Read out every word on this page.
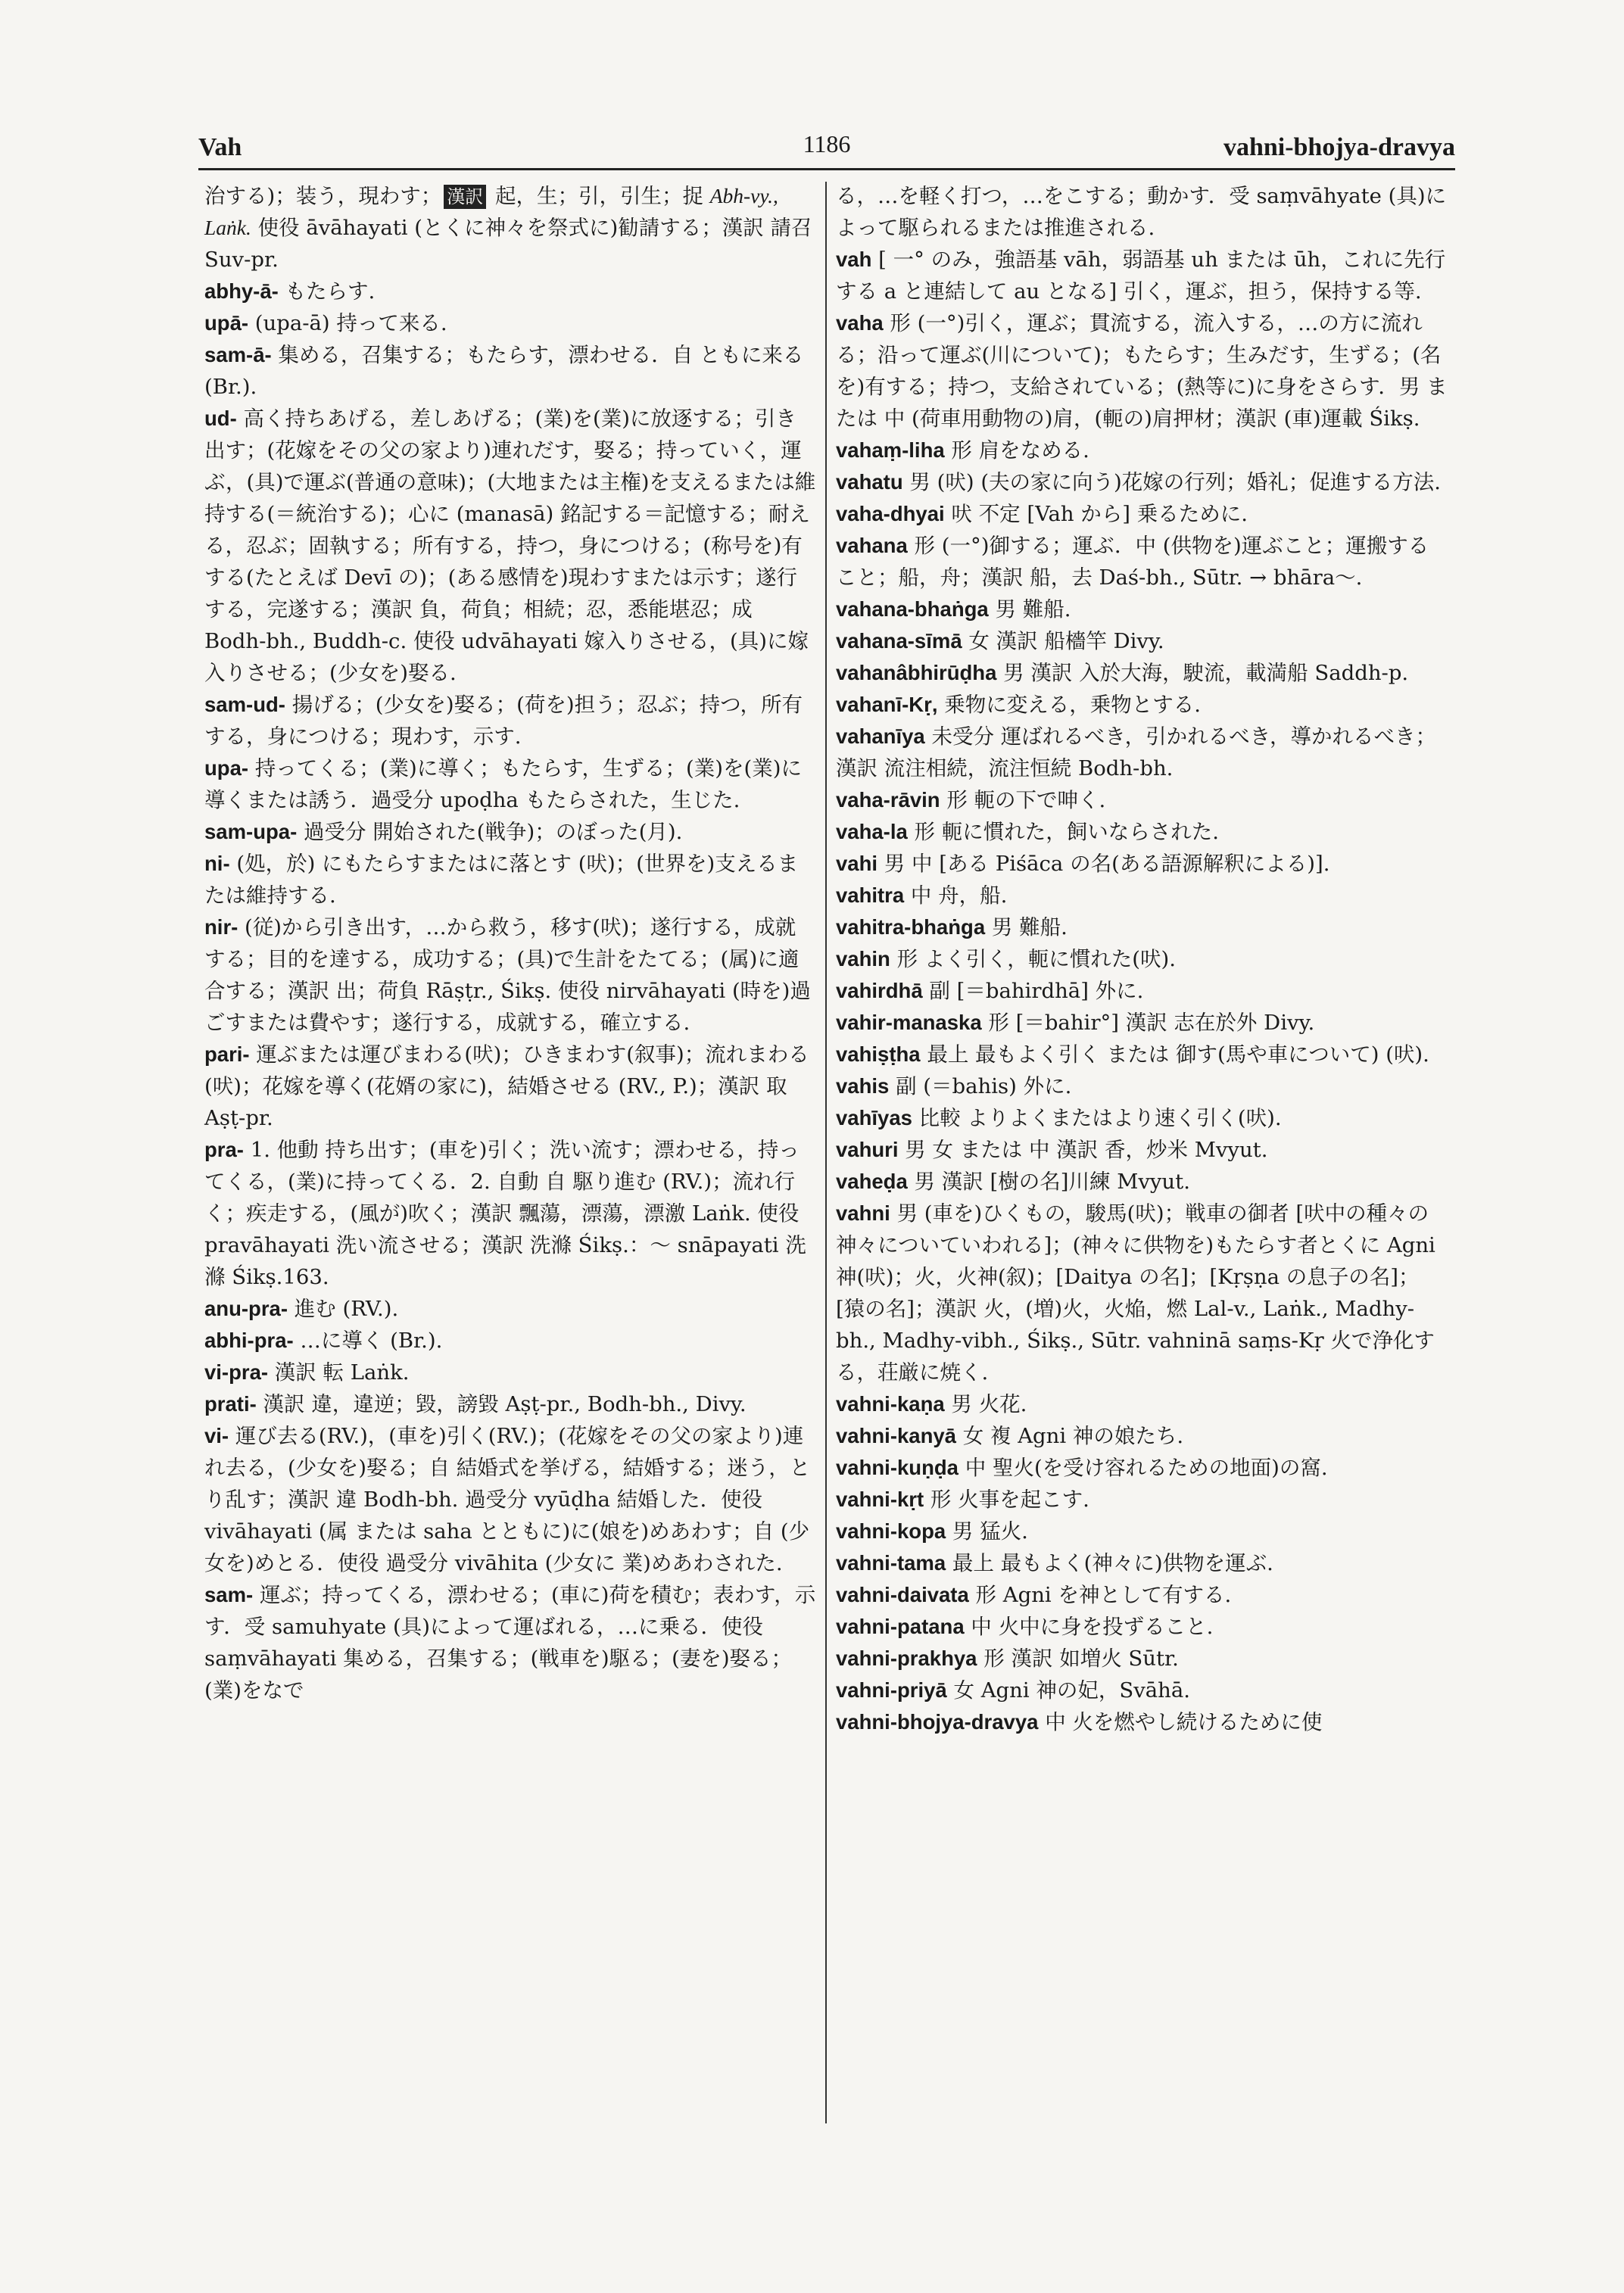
Vah	1186	vahni-bhojya-dravya

治する)；装う，現わす； 漢訳 起，生；引，引生；捉 Abh-vy., Laṅk. 使役 āvāhayati (とくに神々を祭式に)勧請する；漢訳 請召 Suv-pr.

abhy-ā- もたらす.

upā- (upa-ā) 持って来る.

sam-ā- 集める，召集する；もたらす，漂わせる．自 ともに来る (Br.).

ud- 高く持ちあげる，差しあげる；(業)を(業)に放逐する；引き出す；(花嫁をその父の家より)連れだす，娶る；持っていく，運ぶ，(具)で運ぶ(普通の意味)；(大地または主権)を支えるまたは維持する(＝統治する)；心に (manasā) 銘記する＝記憶する；耐える，忍ぶ；固執する；所有する，持つ，身につける；(称号を)有する(たとえば Devī の)；(ある感情を)現わすまたは示す；遂行する，完遂する；漢訳 負，荷負；相続；忍，悉能堪忍；成 Bodh-bh., Buddh-c. 使役 udvāhayati 嫁入りさせる，(具)に嫁入りさせる；(少女を)娶る.

sam-ud- 揚げる；(少女を)娶る；(荷を)担う；忍ぶ；持つ，所有する，身につける；現わす，示す.

upa- 持ってくる；(業)に導く；もたらす，生ずる；(業)を(業)に導くまたは誘う．過受分 upoḍha もたらされた，生じた.

sam-upa- 過受分 開始された(戦争)；のぼった(月).

ni- (処，於) にもたらすまたはに落とす (吠)；(世界を)支えるまたは維持する.

nir- (従)から引き出す，…から救う，移す(吠)；遂行する，成就する；目的を達する，成功する；(具)で生計をたてる；(属)に適合する；漢訳 出；荷負 Rāṣṭr., Śikṣ. 使役 nirvāhayati (時を)過ごすまたは費やす；遂行する，成就する，確立する.

pari- 運ぶまたは運びまわる(吠)；ひきまわす(叙事)；流れまわる(吠)；花嫁を導く(花婿の家に)，結婚させる (RV., P.)；漢訳 取 Aṣṭ-pr.

pra- 1. 他動 持ち出す；(車を)引く；洗い流す；漂わせる，持ってくる，(業)に持ってくる．2. 自動 自 駆り進む (RV.)；流れ行く；疾走する，(風が)吹く；漢訳 飄蕩，漂蕩，漂激 Laṅk. 使役 pravāhayati 洗い流させる；漢訳 洗滌 Śikṣ.：～ snāpayati 洗滌 Śikṣ.163.

anu-pra- 進む (RV.).

abhi-pra- …に導く (Br.).

vi-pra- 漢訳 転 Laṅk.

prati- 漢訳 違，違逆；毀，謗毀 Aṣṭ-pr., Bodh-bh., Divy.

vi- 運び去る(RV.)，(車を)引く(RV.)；(花嫁をその父の家より)連れ去る，(少女を)娶る；自 結婚式を挙げる，結婚する；迷う，とり乱す；漢訳 違 Bodh-bh. 過受分 vyūḍha 結婚した．使役 vivāhayati (属 または saha とともに)に(娘を)めあわす；自 (少女を)めとる．使役 過受分 vivāhita (少女に 業)めあわされた.

sam- 運ぶ；持ってくる，漂わせる；(車に)荷を積む；表わす，示す．受 samuhyate (具)によって運ばれる，…に乗る．使役 saṃvāhayati 集める，召集する；(戦車を)駆る；(妻を)娶る；(業)をなで

る，…を軽く打つ，…をこする；動かす．受 saṃvāhyate (具)によって駆られるまたは推進される.

vah [ 一° のみ，強語基 vāh，弱語基 uh または ūh，これに先行する a と連結して au となる] 引く，運ぶ，担う，保持する等.

vaha 形 (一°)引く，運ぶ；貫流する，流入する，…の方に流れる；沿って運ぶ(川について)；もたらす；生みだす，生ずる；(名を)有する；持つ，支給されている；(熱等に)に身をさらす．男 または 中 (荷車用動物の)肩，(軛の)肩押材；漢訳 (車)運載 Śikṣ.

vahaṃ-liha 形 肩をなめる.

vahatu 男 (吠) (夫の家に向う)花嫁の行列；婚礼；促進する方法.

vaha-dhyai 吠 不定 [Vah から] 乗るために.

vahana 形 (一°)御する；運ぶ．中 (供物を)運ぶこと；運搬すること；船，舟；漢訳 船，去 Daś-bh., Sūtr. → bhāra～.

vahana-bhaṅga 男 難船.

vahana-sīmā 女 漢訳 船檣竿 Divy.

vahanâbhirūḍha 男 漢訳 入於大海，駛流，載満船 Saddh-p.

vahanī-Kṛ, 乗物に変える，乗物とする.

vahanīya 未受分 運ばれるべき，引かれるべき，導かれるべき；漢訳 流注相続，流注恒続 Bodh-bh.

vaha-rāvin 形 軛の下で呻く.

vaha-la 形 軛に慣れた，飼いならされた.

vahi 男 中 [ある Piśāca の名(ある語源解釈による)].

vahitra 中 舟，船.

vahitra-bhaṅga 男 難船.

vahin 形 よく引く，軛に慣れた(吠).

vahirdhā 副 [＝bahirdhā] 外に.

vahir-manaska 形 [＝bahir°] 漢訳 志在於外 Divy.

vahiṣṭha 最上 最もよく引く または 御す(馬や車について) (吠).

vahis 副 (＝bahis) 外に.

vahīyas 比較 よりよくまたはより速く引く(吠).

vahuri 男 女 または 中 漢訳 香，炒米 Mvyut.

vaheḍa 男 漢訳 [樹の名]川練 Mvyut.

vahni 男 (車を)ひくもの，駿馬(吠)；戦車の御者 [吠中の種々の神々についていわれる]；(神々に供物を)もたらす者とくに Agni 神(吠)；火，火神(叙)；[Daitya の名]；[Kṛṣṇa の息子の名]；[猿の名]；漢訳 火，(増)火，火焔，燃 Lal-v., Laṅk., Madhy-bh., Madhy-vibh., Śikṣ., Sūtr. vahninā saṃs-Kṛ 火で浄化する，荘厳に焼く.

vahni-kaṇa 男 火花.

vahni-kanyā 女 複 Agni 神の娘たち.

vahni-kuṇḍa 中 聖火(を受け容れるための地面)の窩.

vahni-kṛt 形 火事を起こす.

vahni-kopa 男 猛火.

vahni-tama 最上 最もよく(神々に)供物を運ぶ.

vahni-daivata 形 Agni を神として有する.

vahni-patana 中 火中に身を投ずること.

vahni-prakhya 形 漢訳 如増火 Sūtr.

vahni-priyā 女 Agni 神の妃，Svāhā.

vahni-bhojya-dravya 中 火を燃やし続けるために使
